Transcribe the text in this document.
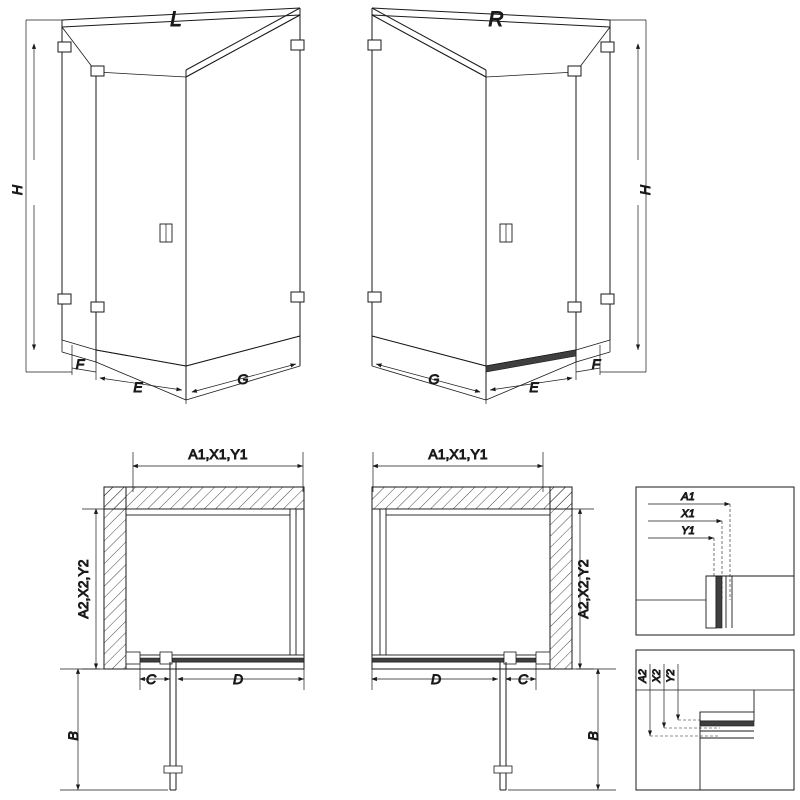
L
H
F
E	G
R
H
F
E
G
A1,X1,Y1
A2,X2,Y2
B
C	D
A1,X1,Y1
A2,X2,Y2
B
C
D
A1
X1
Y1
A2 X2 Y2
